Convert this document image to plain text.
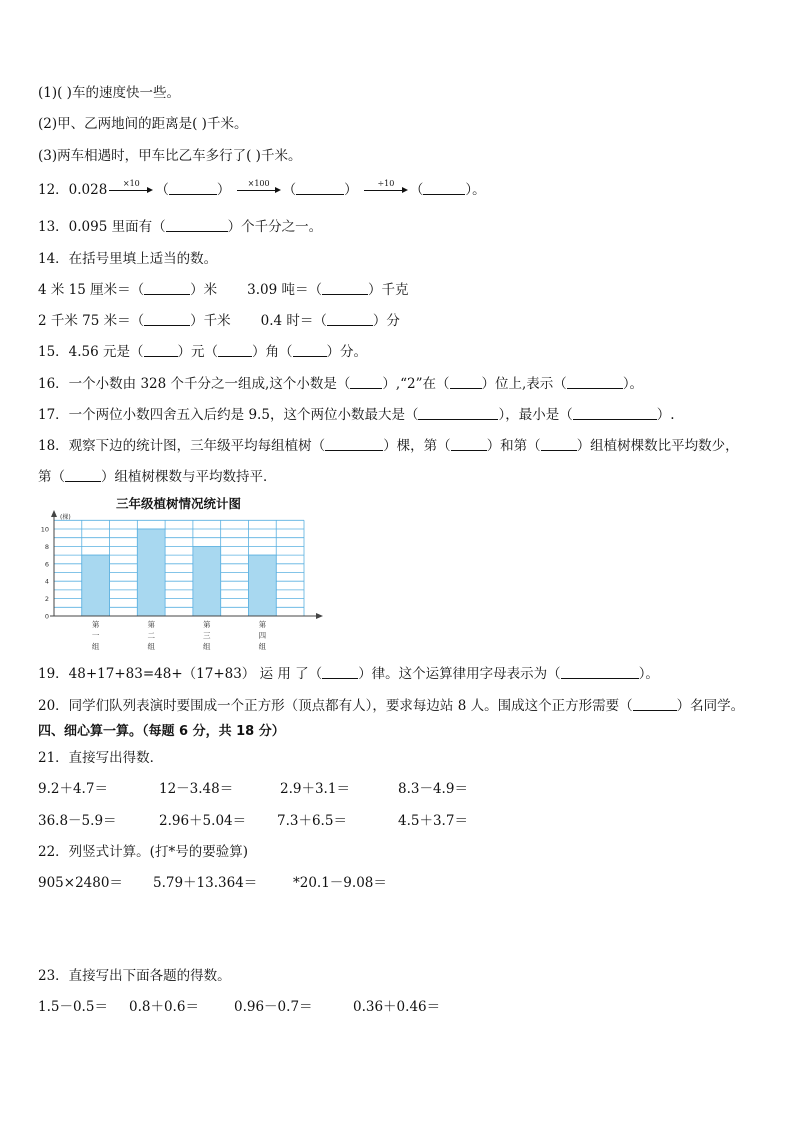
(1)( )车的速度快一些。
(2)甲、乙两地间的距离是( )千米。
(3)两车相遇时，甲车比乙车多行了( )千米。
12．0.028	×10	（	）	×100 （	）	÷10	（	）。
13．0.095 里面有（	）个千分之一。
14．在括号里填上适当的数。
4 米 15 厘米＝（	）米 3.09 吨＝（	）千克
2 千米 75 米＝（	）千米 0.4 时＝（	）分
15．4.56 元是（	）元（	）角（	）分。
16．一个小数由 328 个千分之一组成,这个小数是（ ）,“2”在（ ）位上,表示（	）。
17．一个两位小数四舍五入后约是 9.5，这个两位小数最大是（	），最小是（	）.
18．观察下边的统计图，三年级平均每组植树（	）棵，第（	）和第（	）组植树棵数比平均数少，
第（	）组植树棵数与平均数持平．
三年级植树情况统计图
(棵)
0
2
4
6
8
10
第
一
组
第
二
组
第
三
组
第
四
组
19．48+17+83=48+（17+83） 运 用 了（	）律。这个运算律用字母表示为（	）。
20．同学们队列表演时要围成一个正方形（顶点都有人），要求每边站 8 人。围成这个正方形需要（	）名同学。
四、细心算一算。（每题 6 分，共 18 分）
21．直接写出得数．
9.2＋4.7＝	12－3.48＝	2.9＋3.1＝	8.3－4.9＝
36.8－5.9＝	2.96＋5.04＝ 7.3＋6.5＝	4.5＋3.7＝
22．列竖式计算。(打*号的要验算)
905×2480＝ 5.79＋13.364＝	*20.1－9.08＝
23．直接写出下面各题的得数。
1.5－0.5＝ 0.8＋0.6＝	0.96－0.7＝	0.36＋0.46＝
